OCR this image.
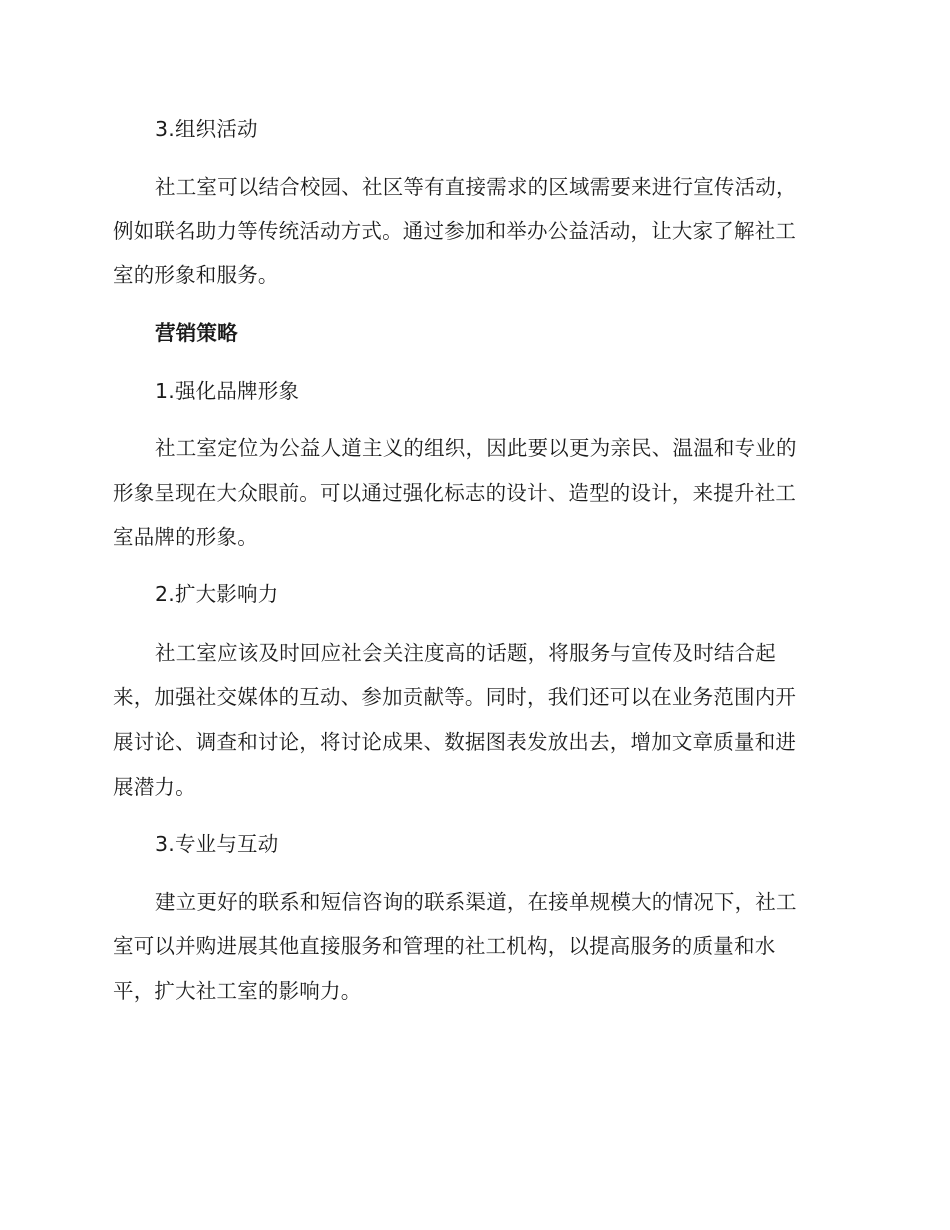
3.组织活动
社工室可以结合校园、社区等有直接需求的区域需要来进行宣传活动，
例如联名助力等传统活动方式。通过参加和举办公益活动，让大家了解社工
室的形象和服务。
营销策略
1.强化品牌形象
社工室定位为公益人道主义的组织，因此要以更为亲民、温温和专业的
形象呈现在大众眼前。可以通过强化标志的设计、造型的设计，来提升社工
室品牌的形象。
2.扩大影响力
社工室应该及时回应社会关注度高的话题，将服务与宣传及时结合起
来，加强社交媒体的互动、参加贡献等。同时，我们还可以在业务范围内开
展讨论、调查和讨论，将讨论成果、数据图表发放出去，增加文章质量和进
展潜力。
3.专业与互动
建立更好的联系和短信咨询的联系渠道，在接单规模大的情况下，社工
室可以并购进展其他直接服务和管理的社工机构，以提高服务的质量和水
平，扩大社工室的影响力。
